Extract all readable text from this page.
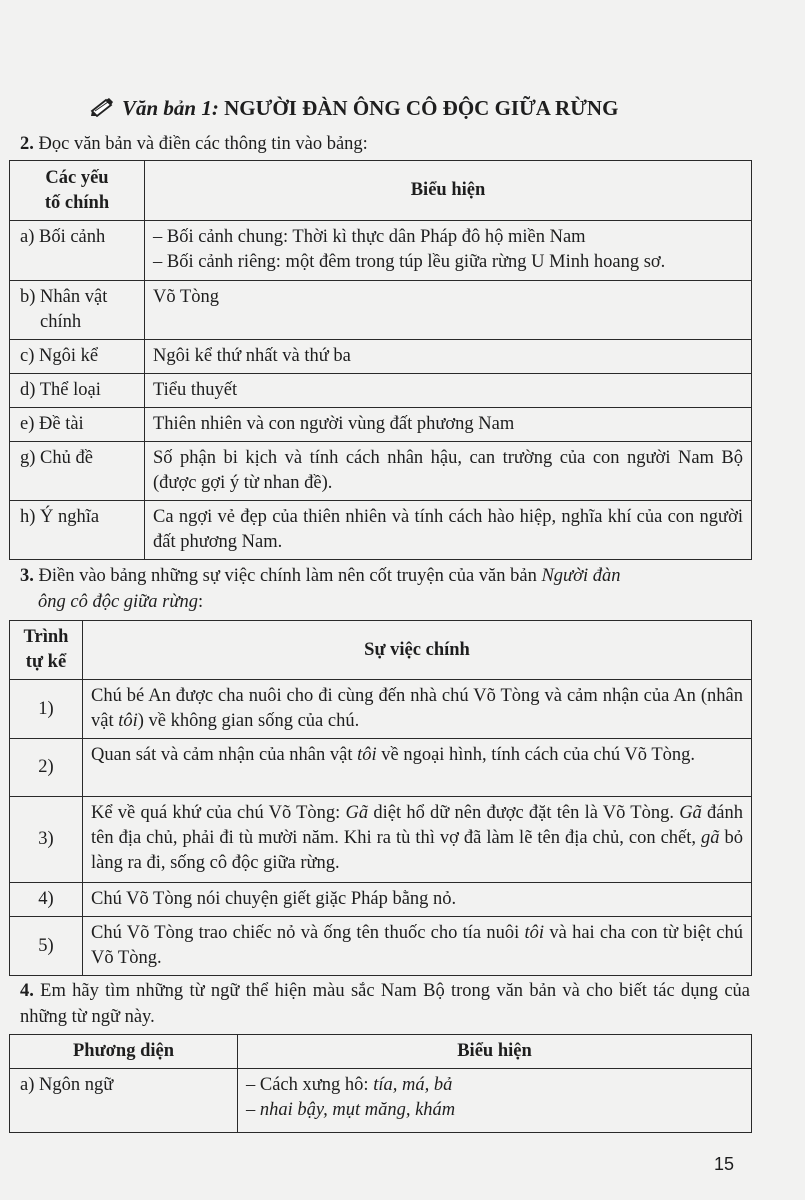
Văn bản 1: NGƯỜI ĐÀN ÔNG CÔ ĐỘC GIỮA RỪNG
2. Đọc văn bản và điền các thông tin vào bảng:
Các yếu
tố chính	Biểu hiện
a) Bối cảnh	– Bối cảnh chung: Thời kì thực dân Pháp đô hộ miền Nam
– Bối cảnh riêng: một đêm trong túp lều giữa rừng U Minh hoang sơ.

b) Nhân vật
chính	Võ Tòng
c) Ngôi kể	Ngôi kể thứ nhất và thứ ba
d) Thể loại	Tiểu thuyết
e) Đề tài	Thiên nhiên và con người vùng đất phương Nam
g) Chủ đề	Số phận bi kịch và tính cách nhân hậu, can trường của con người Nam Bộ (được gợi ý từ nhan đề).
h) Ý nghĩa	Ca ngợi vẻ đẹp của thiên nhiên và tính cách hào hiệp, nghĩa khí của con người đất phương Nam.
3. Điền vào bảng những sự việc chính làm nên cốt truyện của văn bản Người đàn
ông cô độc giữa rừng:
Trình
tự kể	Sự việc chính
1)	Chú bé An được cha nuôi cho đi cùng đến nhà chú Võ Tòng và cảm nhận của An (nhân vật tôi) về không gian sống của chú.
2)	Quan sát và cảm nhận của nhân vật tôi về ngoại hình, tính cách của chú Võ Tòng.
3)	Kể về quá khứ của chú Võ Tòng: Gã diệt hổ dữ nên được đặt tên là Võ Tòng. Gã đánh tên địa chủ, phải đi tù mười năm. Khi ra tù thì vợ đã làm lẽ tên địa chủ, con chết, gã bỏ làng ra đi, sống cô độc giữa rừng.
4)	Chú Võ Tòng nói chuyện giết giặc Pháp bằng nỏ.
5)	Chú Võ Tòng trao chiếc nỏ và ống tên thuốc cho tía nuôi tôi và hai cha con từ biệt chú Võ Tòng.
4. Em hãy tìm những từ ngữ thể hiện màu sắc Nam Bộ trong văn bản và cho biết tác dụng của những từ ngữ này.
Phương diện	Biểu hiện
a) Ngôn ngữ	– Cách xưng hô: tía, má, bả
– nhai bậy, mụt măng, khám
15
